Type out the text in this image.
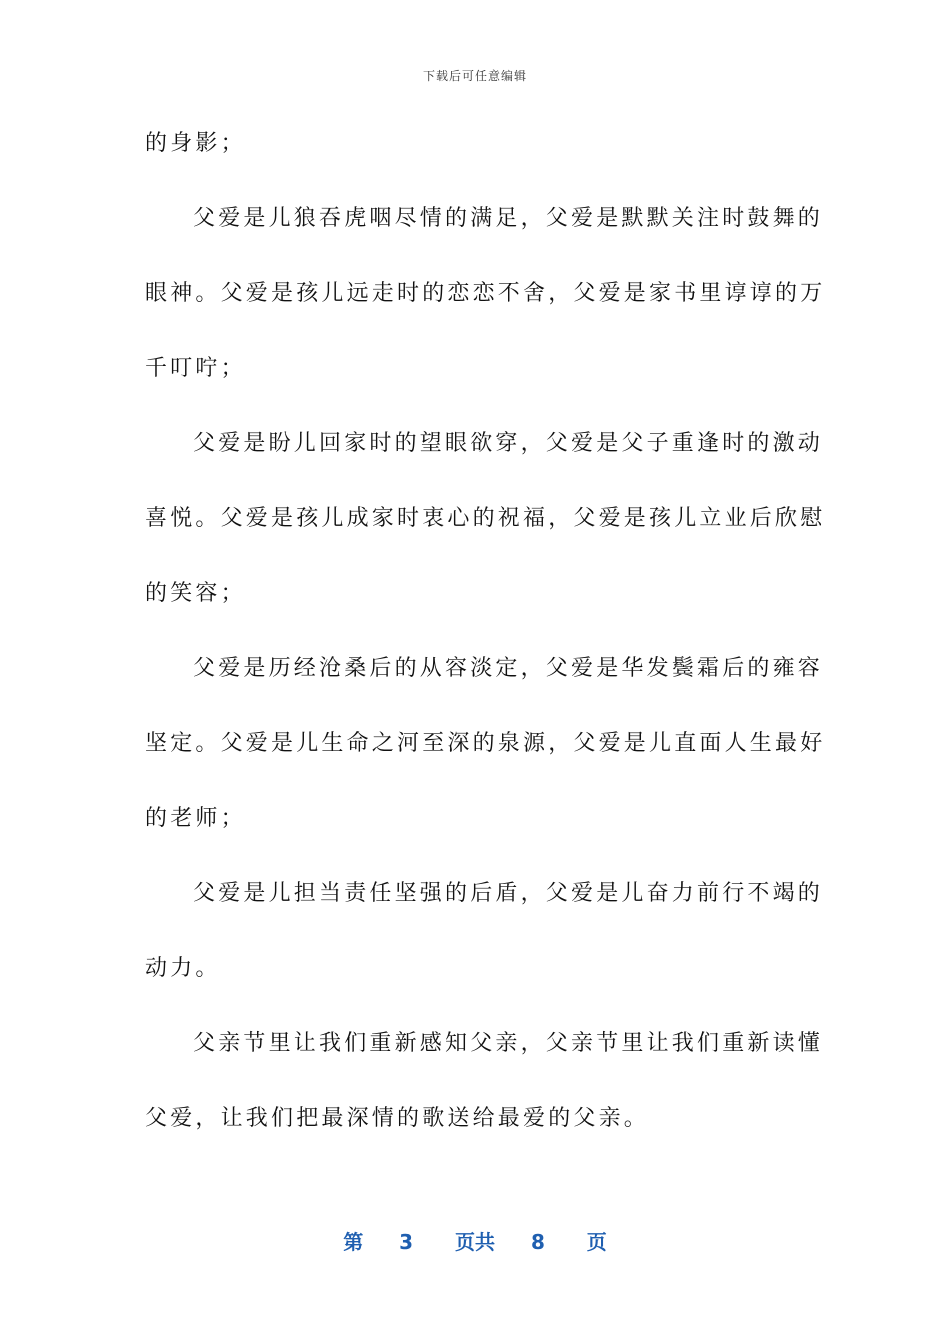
下载后可任意编辑
的身影；
父爱是儿狼吞虎咽尽情的满足，父爱是默默关注时鼓舞的
眼神。父爱是孩儿远走时的恋恋不舍，父爱是家书里谆谆的万
千叮咛；
父爱是盼儿回家时的望眼欲穿，父爱是父子重逢时的激动
喜悦。父爱是孩儿成家时衷心的祝福，父爱是孩儿立业后欣慰
的笑容；
父爱是历经沧桑后的从容淡定，父爱是华发鬓霜后的雍容
坚定。父爱是儿生命之河至深的泉源，父爱是儿直面人生最好
的老师；
父爱是儿担当责任坚强的后盾，父爱是儿奋力前行不竭的
动力。
父亲节里让我们重新感知父亲，父亲节里让我们重新读懂
父爱，让我们把最深情的歌送给最爱的父亲。
第 3 页共 8 页
